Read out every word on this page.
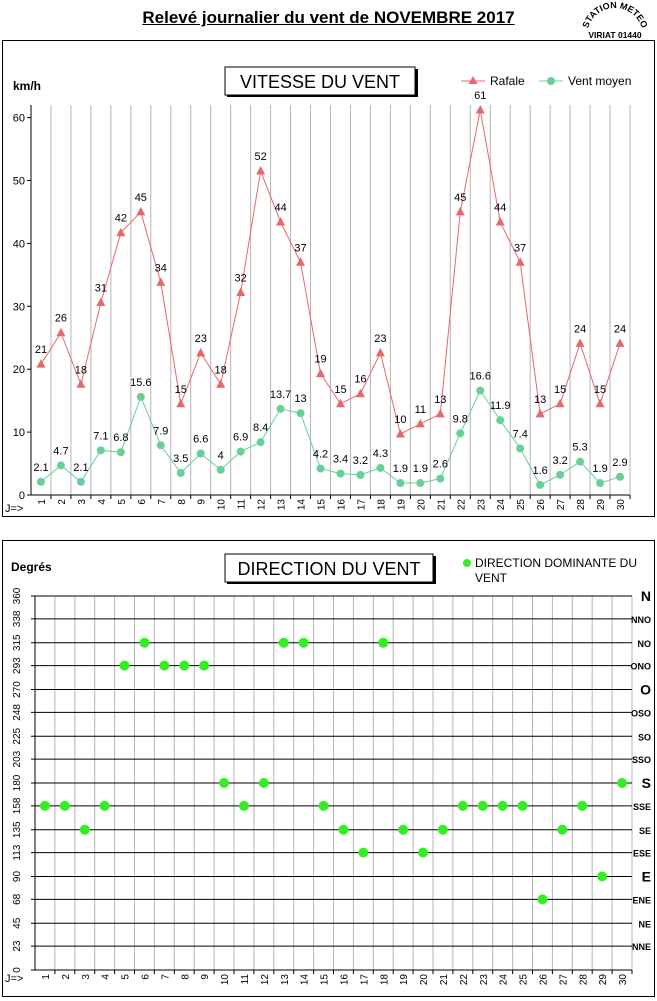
Relevé journalier du vent de NOVEMBRE 2017	STATION METEO
VIRIAT 01440
0
10
20
30
40
50
60
1 2 3 4 5 6 7 8 9 10 11 12 13 14 15 16 17 18 19 20 21 22 23 24 25 26 27 28 29 30
J=>
km/h	VITESSE DU VENT	Rafale	Vent moyen
21
26
18
31
42
45
34
15
23
18
32
52
44
37
19
15
16
23
10
11
13
45
61
44
37
13
15
24
15
24
2.1
4.7
2.1
7.1 6.8
15.6
7.9
3.5
6.6
4
6.9
8.4
13.7 13
4.2 3.4 3.2
4.3
1.9 1.9 2.6
9.8
16.6
11.9
7.4
1.6
3.2
5.3
1.9
2.9
0
23
45
68
90
113
135
158
180
203
225
248
270
293
315
338
360	N
NNO
NO
ONO
O
OSO
SO
SSO
S
SSE
SE
ESE
E
ENE
NE
NNE
1 2 3 4 5 6 7 8 9 10 11 12 13 14 15 16 17 18 19 20 21 22 23 24 25 26 27 28 29 30
J=>
Degrés	DIRECTION DU VENT	DIRECTION DOMINANTE DU VENT
